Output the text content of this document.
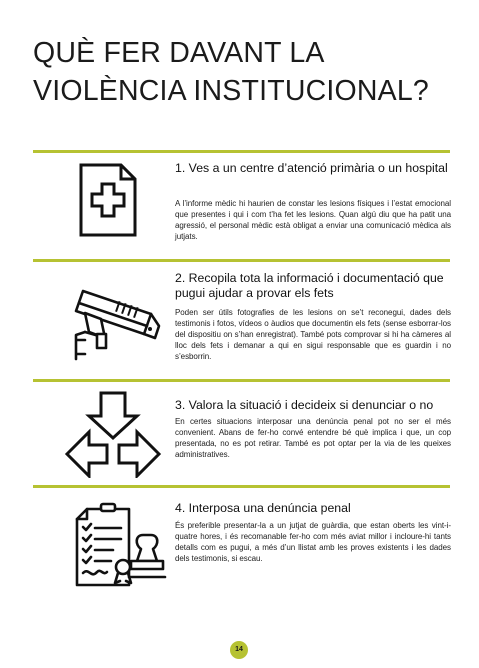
QUÈ FER DAVANT LA
VIOLÈNCIA INSTITUCIONAL?

1. Ves a un centre d’atenció primària o un hospital

A l’informe mèdic hi haurien de constar les lesions físiques i l’estat emocional que presentes i qui i com t’ha fet les lesions. Quan algú diu que ha patit una agressió, el personal mèdic està obligat a enviar una comunicació mèdica als jutjats.

2. Recopila tota la informació i documentació que pugui ajudar a provar els fets

Poden ser útils fotografies de les lesions on se’t reconegui, dades dels testimonis i fotos, vídeos o àudios que documentin els fets (sense esborrar-los del dispositiu on s’han enregistrat). També pots comprovar si hi ha càmeres al lloc dels fets i demanar a qui en sigui responsable que es guardin i no s’esborrin.

3. Valora la situació i decideix si denunciar o no

En certes situacions interposar una denúncia penal pot no ser el més convenient. Abans de fer-ho convé entendre bé què implica i que, un cop presentada, no es pot retirar. També es pot optar per la via de les queixes administratives.

4. Interposa una denúncia penal

És preferible presentar-la a un jutjat de guàrdia, que estan oberts les vint-i-quatre hores, i és recomanable fer-ho com més aviat millor i incloure-hi tants detalls com es pugui, a més d’un llistat amb les proves existents i les dades dels testimonis, si escau.

14
